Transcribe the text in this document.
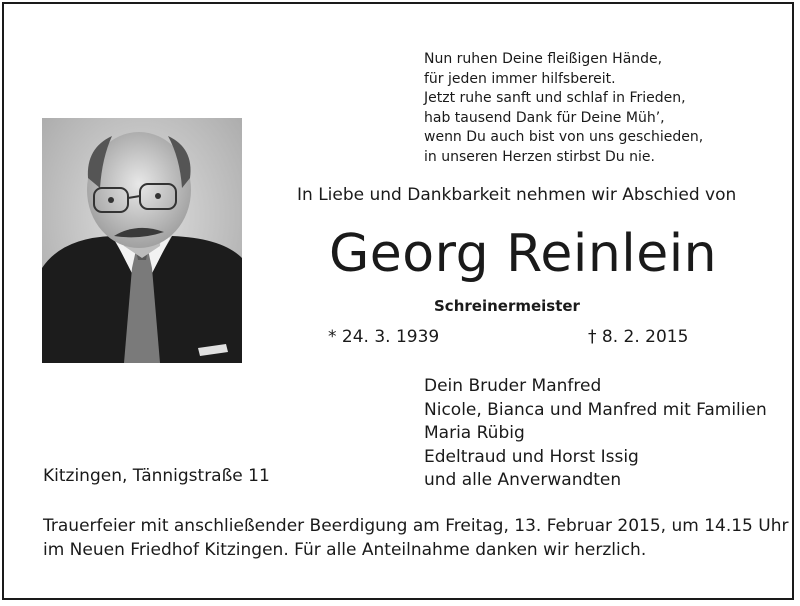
Nun ruhen Deine fleißigen Hände,
für jeden immer hilfsbereit.
Jetzt ruhe sanft und schlaf in Frieden,
hab tausend Dank für Deine Müh’,
wenn Du auch bist von uns geschieden,
in unseren Herzen stirbst Du nie.
In Liebe und Dankbarkeit nehmen wir Abschied von
Georg Reinlein
Schreinermeister
* 24. 3. 1939	† 8. 2. 2015
Dein Bruder Manfred
Nicole, Bianca und Manfred mit Familien
Maria Rübig
Edeltraud und Horst Issig
und alle Anverwandten
Kitzingen, Tännigstraße 11
Trauerfeier mit anschließender Beerdigung am Freitag, 13. Februar 2015, um 14.15 Uhr
im Neuen Friedhof Kitzingen. Für alle Anteilnahme danken wir herzlich.
